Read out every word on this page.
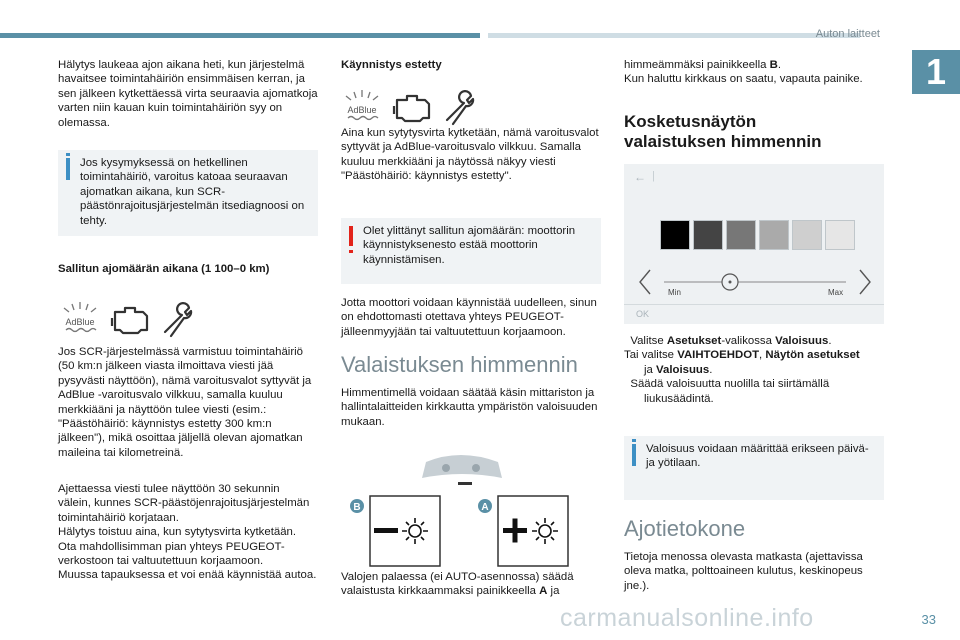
Auton laitteet
1

Hälytys laukeaa ajon aikana heti, kun järjestelmä havaitsee toimintahäiriön ensimmäisen kerran, ja sen jälkeen kytkettäessä virta seuraavia ajomatkoja varten niin kauan kuin toimintahäiriön syy on olemassa.

Jos kysymyksessä on hetkellinen toimintahäiriö, varoitus katoaa seuraavan ajomatkan aikana, kun SCR-päästönrajoitusjärjestelmän itsediagnoosi on tehty.

Sallitun ajomäärän aikana (1 100–0 km)

AdBlue

Jos SCR-järjestelmässä varmistuu toimintahäiriö (50 km:n jälkeen viasta ilmoittava viesti jää pysyvästi näyttöön), nämä varoitusvalot syttyvät ja AdBlue -varoitusvalo vilkkuu, samalla kuuluu merkkiääni ja näyttöön tulee viesti (esim.: "Päästöhäiriö: käynnistys estetty 300 km:n jälkeen"), mikä osoittaa jäljellä olevan ajomatkan maileina tai kilometreinä.

Ajettaessa viesti tulee näyttöön 30 sekunnin

välein, kunnes SCR-päästöjenrajoitusjärjestelmän

toimintahäiriö korjataan.

Hälytys toistuu aina, kun sytytysvirta kytketään.

Ota mahdollisimman pian yhteys PEUGEOT-

verkostoon tai valtuutettuun korjaamoon.

Muussa tapauksessa et voi enää käynnistää autoa.

Käynnistys estetty

AdBlue

Aina kun sytytysvirta kytketään, nämä varoitusvalot syttyvät ja AdBlue-varoitusvalo vilkkuu. Samalla kuuluu merkkiääni ja näytössä näkyy viesti "Päästöhäiriö: käynnistys estetty".

Olet ylittänyt sallitun ajomäärän: moottorin käynnistyksenesto estää moottorin käynnistämisen.

Jotta moottori voidaan käynnistää uudelleen, sinun on ehdottomasti otettava yhteys PEUGEOT-jälleenmyyjään tai valtuutettuun korjaamoon.

Valaistuksen himmennin

Himmentimellä voidaan säätää käsin mittariston ja hallintalaitteiden kirkkautta ympäristön valoisuuden mukaan.

B	A

Valojen palaessa (ei AUTO-asennossa) säädä valaistusta kirkkaammaksi painikkeella A ja

himmeämmäksi painikkeella B.

Kun haluttu kirkkaus on saatu, vapauta painike.

Kosketusnäytön

valaistuksen himmennin

← |
Min	Max
OK

Valitse Asetukset-valikossa Valoisuus.

Tai valitse VAIHTOEHDOT, Näytön asetukset

ja Valoisuus.

Säädä valoisuutta nuolilla tai siirtämällä liukusäädintä.

Valoisuus voidaan määrittää erikseen päivä- ja yötilaan.

Ajotietokone

Tietoja menossa olevasta matkasta (ajettavissa oleva matka, polttoaineen kulutus, keskinopeus jne.).

carmanualsonline.info	33
